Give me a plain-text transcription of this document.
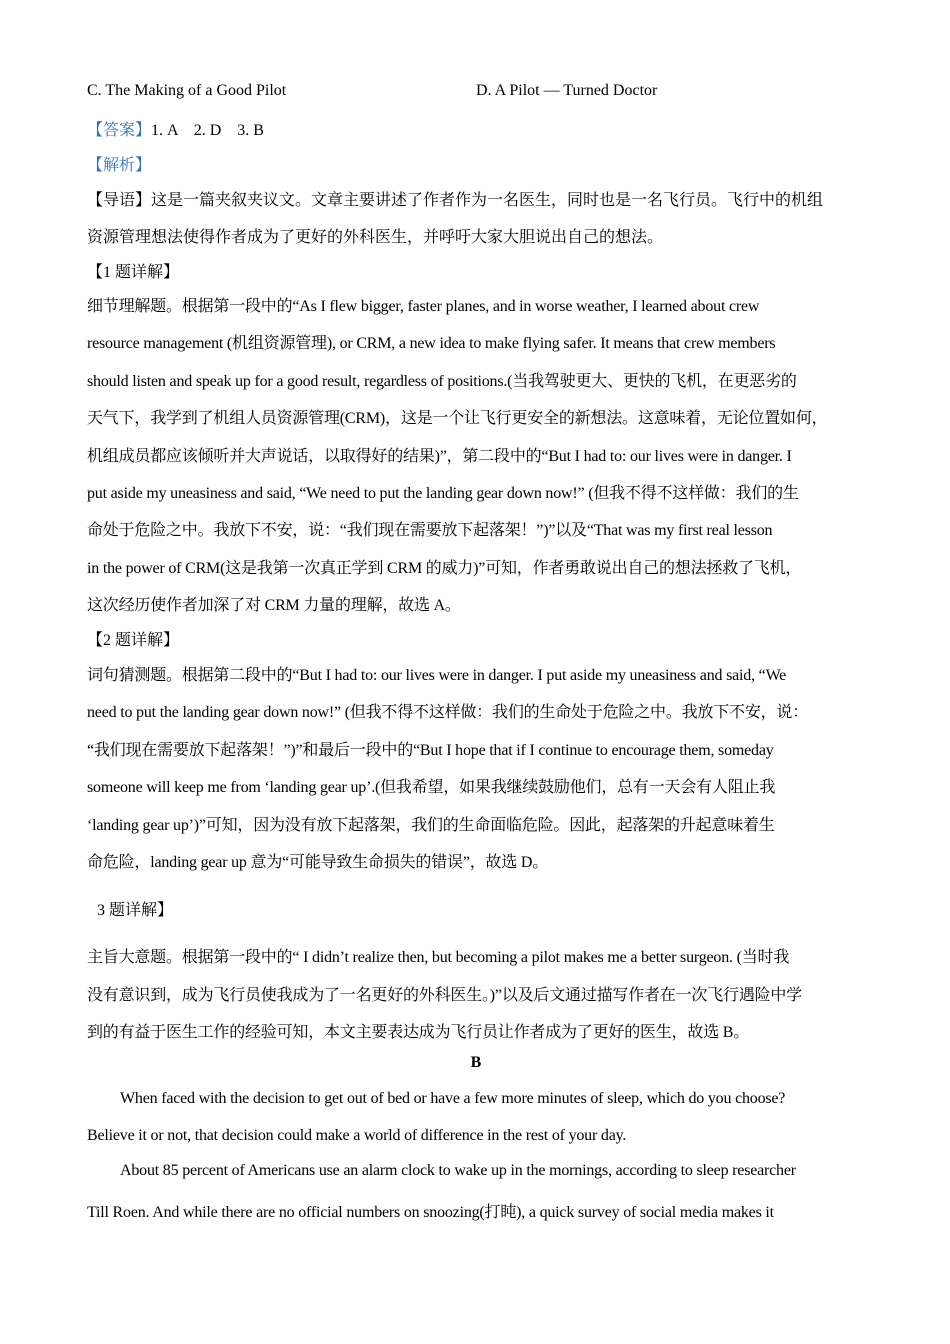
C. The Making of a Good Pilot	D. A Pilot — Turned Doctor
【答案】1. A    2. D    3. B
【解析】
【导语】这是一篇夹叙夹议文。文章主要讲述了作者作为一名医生，同时也是一名飞行员。飞行中的机组
资源管理想法使得作者成为了更好的外科医生，并呼吁大家大胆说出自己的想法。
【1 题详解】
细节理解题。根据第一段中的“As I flew bigger, faster planes, and in worse weather, I learned about crew
resource management (机组资源管理), or CRM, a new idea to make flying safer. It means that crew members
should listen and speak up for a good result, regardless of positions.(当我驾驶更大、更快的飞机，在更恶劣的
天气下，我学到了机组人员资源管理(CRM)，这是一个让飞行更安全的新想法。这意味着，无论位置如何，
机组成员都应该倾听并大声说话，以取得好的结果)”，第二段中的“But I had to: our lives were in danger. I
put aside my uneasiness and said, “We need to put the landing gear down now!” (但我不得不这样做：我们的生
命处于危险之中。我放下不安，说：“我们现在需要放下起落架！”)”以及“That was my first real lesson
in the power of CRM(这是我第一次真正学到 CRM 的威力)”可知，作者勇敢说出自己的想法拯救了飞机，
这次经历使作者加深了对 CRM 力量的理解，故选 A。
【2 题详解】
词句猜测题。根据第二段中的“But I had to: our lives were in danger. I put aside my uneasiness and said, “We
need to put the landing gear down now!” (但我不得不这样做：我们的生命处于危险之中。我放下不安，说：
“我们现在需要放下起落架！”)”和最后一段中的“But I hope that if I continue to encourage them, someday
someone will keep me from ‘landing gear up’.(但我希望，如果我继续鼓励他们，总有一天会有人阻止我
‘landing gear up’)”可知，因为没有放下起落架，我们的生命面临危险。因此，起落架的升起意味着生
命危险，landing gear up 意为“可能导致生命损失的错误”，故选 D。
3 题详解】
主旨大意题。根据第一段中的“ I didn’t realize then, but becoming a pilot makes me a better surgeon. (当时我
没有意识到，成为飞行员使我成为了一名更好的外科医生。)”以及后文通过描写作者在一次飞行遇险中学
到的有益于医生工作的经验可知，本文主要表达成为飞行员让作者成为了更好的医生，故选 B。
B
When faced with the decision to get out of bed or have a few more minutes of sleep, which do you choose?
Believe it or not, that decision could make a world of difference in the rest of your day.
About 85 percent of Americans use an alarm clock to wake up in the mornings, according to sleep researcher
Till Roen. And while there are no official numbers on snoozing(打盹), a quick survey of social media makes it
